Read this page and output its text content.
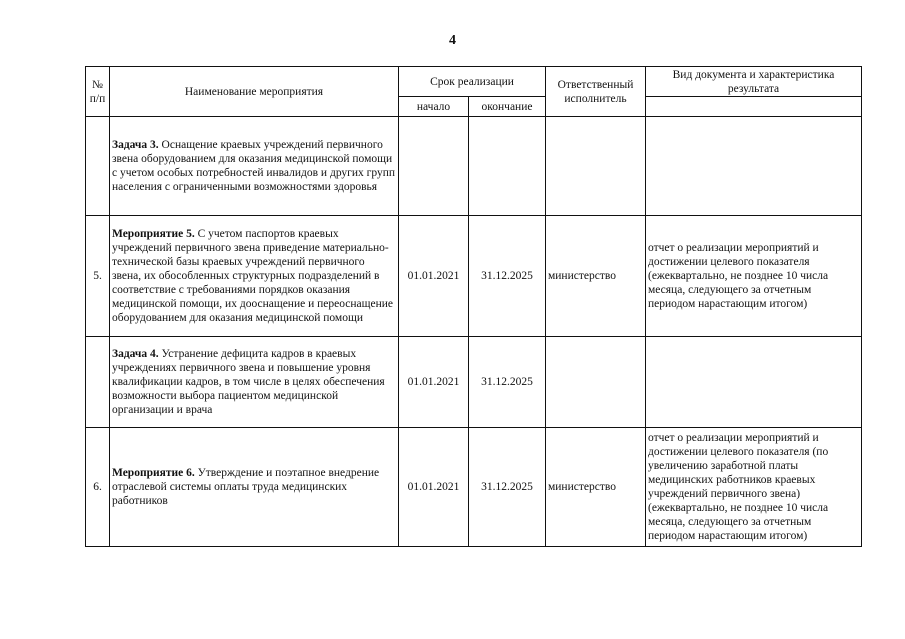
4
№ п/п	Наименование мероприятия	Срок реализации		Ответственный исполнитель	Вид документа и характеристика результата
		начало	окончание		
	Задача 3. Оснащение краевых учреждений первичного звена оборудованием для оказания медицинской помощи с учетом особых потребностей инвалидов и других групп населения с ограниченными возможностями здоровья				
5.	Мероприятие 5. С учетом паспортов краевых учреждений первичного звена приведение материально-технической базы краевых учреждений первичного звена, их обособленных структурных подразделений в соответствие с требованиями порядков оказания медицинской помощи, их дооснащение и переоснащение оборудованием для оказания медицинской помощи	01.01.2021	31.12.2025	министерство	отчет о реализации мероприятий и достижении целевого показателя (ежеквартально, не позднее 10 числа месяца, следующего за отчетным периодом нарастающим итогом)
	Задача 4. Устранение дефицита кадров в краевых учреждениях первичного звена и повышение уровня квалификации кадров, в том числе в целях обеспечения возможности выбора пациентом медицинской организации и врача	01.01.2021	31.12.2025		
6.	Мероприятие 6. Утверждение и поэтапное внедрение отраслевой системы оплаты труда медицинских работников	01.01.2021	31.12.2025	министерство	отчет о реализации мероприятий и достижении целевого показателя (по увеличению заработной платы медицинских работников краевых учреждений первичного звена) (ежеквартально, не позднее 10 числа месяца, следующего за отчетным периодом нарастающим итогом)
